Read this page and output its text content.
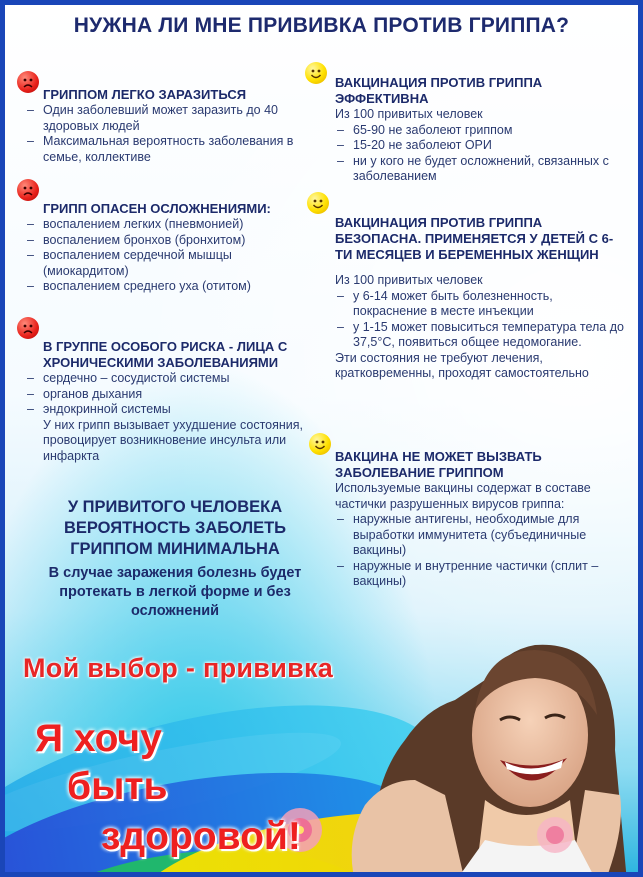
НУЖНА ЛИ МНЕ ПРИВИВКА ПРОТИВ ГРИППА?
ГРИППОМ ЛЕГКО ЗАРАЗИТЬСЯ
– Один заболевший может заразить до 40 здоровых людей
– Максимальная вероятность заболевания в семье, коллективе
ГРИПП ОПАСЕН ОСЛОЖНЕНИЯМИ:
– воспалением легких (пневмонией)
– воспалением бронхов (бронхитом)
– воспалением сердечной мышцы (миокардитом)
– воспалением среднего уха (отитом)
В ГРУППЕ ОСОБОГО РИСКА - ЛИЦА С ХРОНИЧЕСКИМИ ЗАБОЛЕВАНИЯМИ
– сердечно – сосудистой системы
– органов дыхания
– эндокринной системы
У них грипп вызывает ухудшение состояния, провоцирует возникновение инсульта или инфаркта
ВАКЦИНАЦИЯ ПРОТИВ ГРИППА ЭФФЕКТИВНА
Из 100 привитых человек
– 65-90 не заболеют гриппом
– 15-20 не заболеют ОРИ
– ни у кого не будет осложнений, связанных с заболеванием
ВАКЦИНАЦИЯ ПРОТИВ ГРИППА БЕЗОПАСНА. ПРИМЕНЯЕТСЯ У ДЕТЕЙ С 6-ТИ МЕСЯЦЕВ И БЕРЕМЕННЫХ ЖЕНЩИН
Из 100 привитых человек
– у 6-14 может быть болезненность, покраснение в месте инъекции
– у 1-15 может повыситься температура тела до 37,5°С, появиться общее недомогание.
Эти состояния не требуют лечения, кратковременны, проходят самостоятельно
ВАКЦИНА НЕ МОЖЕТ ВЫЗВАТЬ ЗАБОЛЕВАНИЕ ГРИППОМ
Используемые вакцины содержат в составе частички разрушенных вирусов гриппа:
– наружные антигены, необходимые для выработки иммунитета (субъединичные вакцины)
– наружные и внутренние частички (сплит – вакцины)
У ПРИВИТОГО ЧЕЛОВЕКА ВЕРОЯТНОСТЬ ЗАБОЛЕТЬ ГРИППОМ МИНИМАЛЬНА
В случае заражения болезнь будет протекать в легкой форме и без осложнений
Мой выбор - прививка
Я хочу
быть
здоровой!
